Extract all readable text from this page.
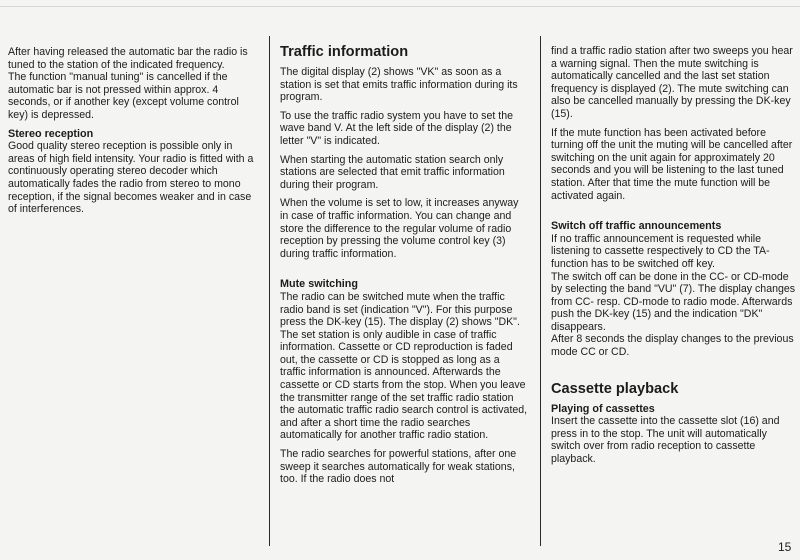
After having released the automatic bar the radio is tuned to the station of the indicated frequency.

The function "manual tuning" is cancelled if the automatic bar is not pressed within approx. 4 seconds, or if another key (except volume control key) is depressed.

Stereo reception

Good quality stereo reception is possible only in areas of high field intensity. Your radio is fitted with a continuously operating stereo decoder which automatically fades the radio from stereo to mono reception, if the signal becomes weaker and in case of interferences.

Traffic information

The digital display (2) shows "VK" as soon as a station is set that emits traffic information during its program.

To use the traffic radio system you have to set the wave band V. At the left side of the display (2) the letter "V" is indicated.

When starting the automatic station search only stations are selected that emit traffic information during their program.

When the volume is set to low, it increases anyway in case of traffic information. You can change and store the difference to the regular volume of radio reception by pressing the volume control key (3) during traffic information.

Mute switching

The radio can be switched mute when the traffic radio band is set (indication "V"). For this purpose press the DK-key (15). The display (2) shows "DK". The set station is only audible in case of traffic information. Cassette or CD reproduction is faded out, the cassette or CD is stopped as long as a traffic information is announced. Afterwards the cassette or CD starts from the stop. When you leave the transmitter range of the set traffic radio station the automatic traffic radio search control is activated, and after a short time the radio searches automatically for another traffic radio station.

The radio searches for powerful stations, after one sweep it searches automatically for weak stations, too. If the radio does not

find a traffic radio station after two sweeps you hear a warning signal. Then the mute switching is automatically cancelled and the last set station frequency is displayed (2). The mute switching can also be cancelled manually by pressing the DK-key (15).

If the mute function has been activated before turning off the unit the muting will be cancelled after switching on the unit again for approximately 20 seconds and you will be listening to the last tuned station. After that time the mute function will be activated again.

Switch off traffic announcements

If no traffic announcement is requested while listening to cassette respectively to CD the TA-function has to be switched off key.

The switch off can be done in the CC- or CD-mode by selecting the band "VU" (7). The display changes from CC- resp. CD-mode to radio mode. Afterwards push the DK-key (15) and the indication "DK" disappears.

After 8 seconds the display changes to the previous mode CC or CD.

Cassette playback
Playing of cassettes

Insert the cassette into the cassette slot (16) and press in to the stop. The unit will automatically switch over from radio reception to cassette playback.

15
